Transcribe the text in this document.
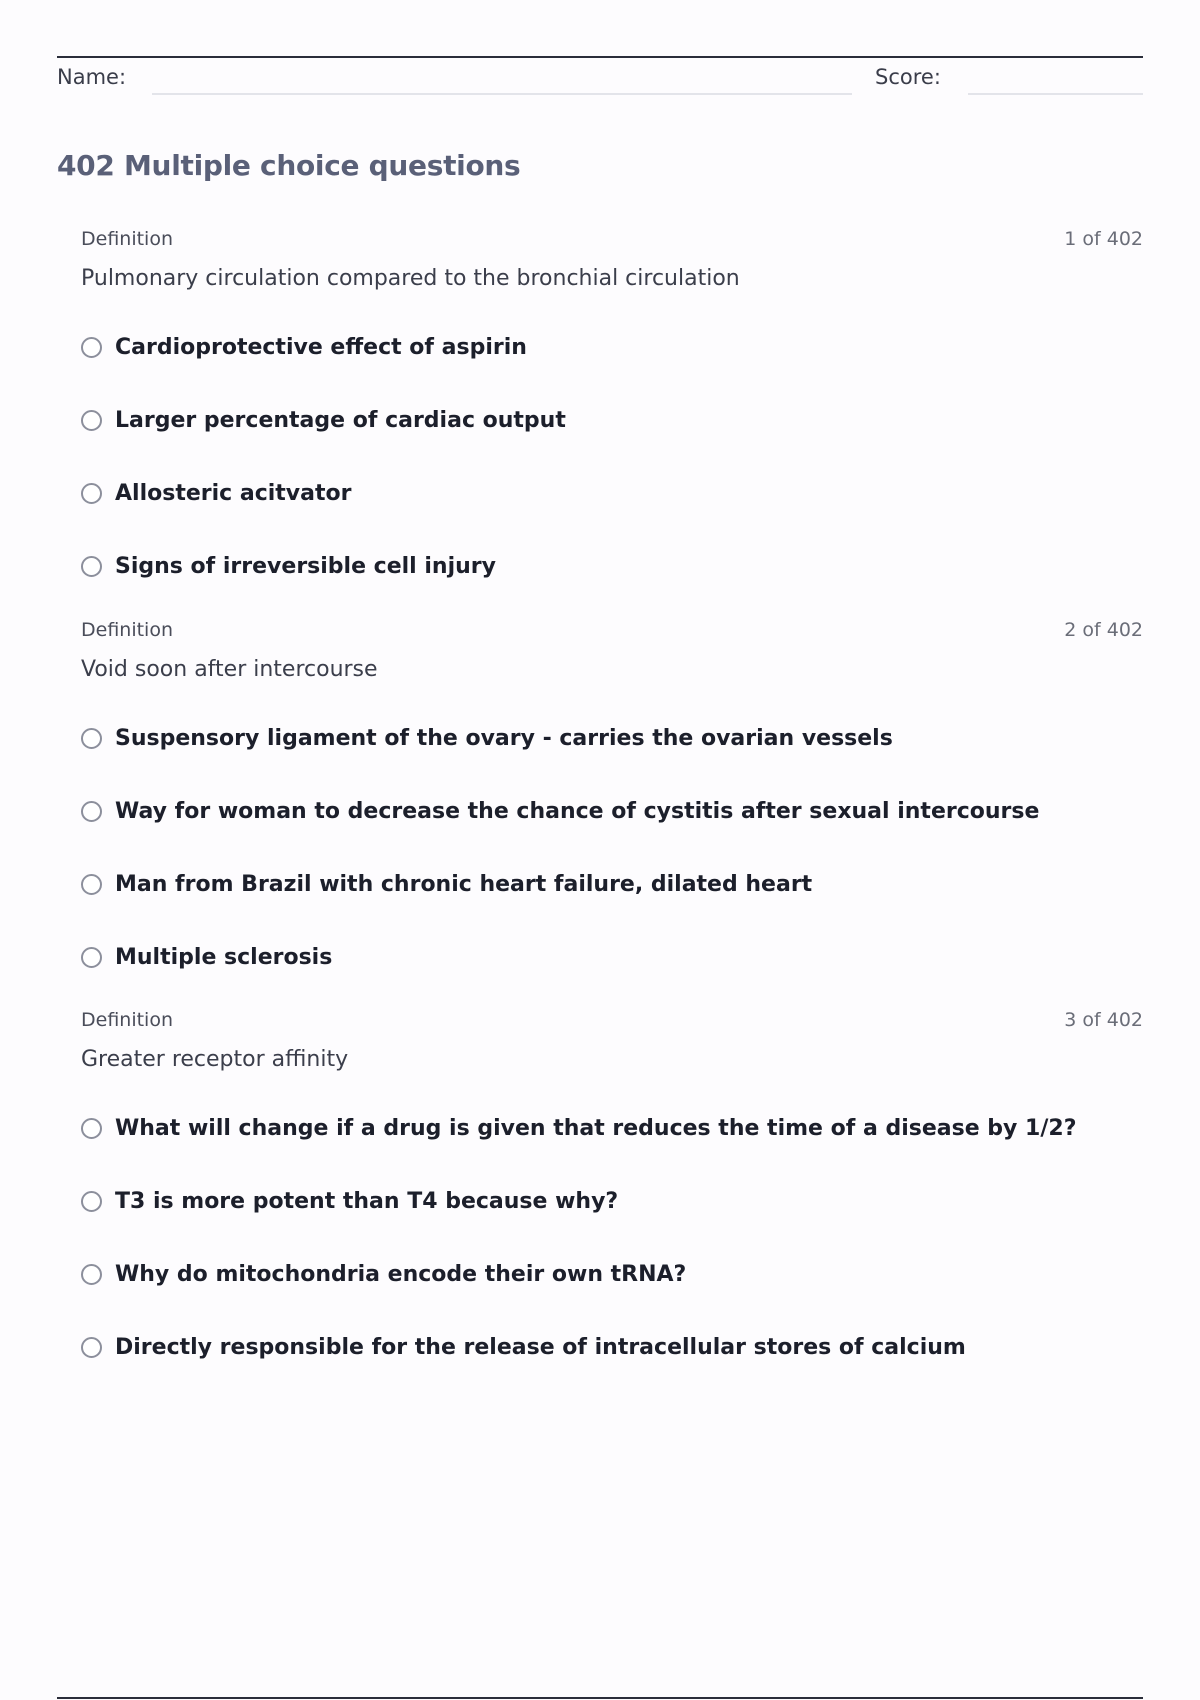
Name:	Score:
402 Multiple choice questions
Definition	1 of 402
Pulmonary circulation compared to the bronchial circulation
Cardioprotective effect of aspirin
Larger percentage of cardiac output
Allosteric acitvator
Signs of irreversible cell injury
Definition	2 of 402
Void soon after intercourse
Suspensory ligament of the ovary - carries the ovarian vessels
Way for woman to decrease the chance of cystitis after sexual intercourse
Man from Brazil with chronic heart failure, dilated heart
Multiple sclerosis
Definition	3 of 402
Greater receptor affinity
What will change if a drug is given that reduces the time of a disease by 1/2?
T3 is more potent than T4 because why?
Why do mitochondria encode their own tRNA?
Directly responsible for the release of intracellular stores of calcium
